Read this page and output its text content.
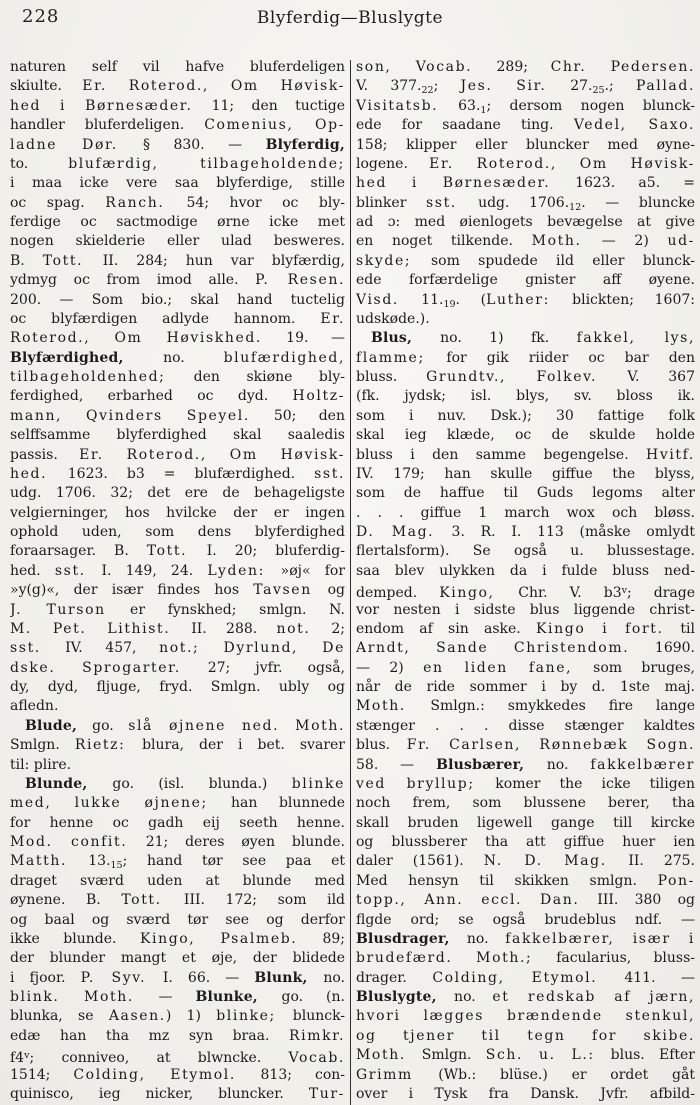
228	Blyferdig—Bluslygte
naturen self vil hafve bluferdeligen
skiulte. Er. Roterod., Om Høvisk-
hed i Børnesæder. 11; den tuctige
handler bluferdeligen. Comenius, Op-
ladne Dør. § 830. — Blyferdig,
to. blufærdig, tilbageholdende;
i maa icke vere saa blyferdige, stille
oc spag. Ranch. 54; hvor oc bly-
ferdige oc sactmodige ørne icke met
nogen skielderie eller ulad besweres.
B. Tott. II. 284; hun var blyfærdig,
ydmyg oc from imod alle. P. Resen.
200. — Som bio.; skal hand tuctelig
oc blyfærdigen adlyde hannom. Er.
Roterod., Om Høviskhed. 19. —
Blyfærdighed, no. blufærdighed,
tilbageholdenhed; den skiøne bly-
ferdighed, erbarhed oc dyd. Holtz-
mann, Qvinders Speyel. 50; den
selffsamme blyferdighed skal saaledis
passis. Er. Roterod., Om Høvisk-
hed. 1623. b3 = blufærdighed. sst.
udg. 1706. 32; det ere de behageligste
velgierninger, hos hvilcke der er ingen
ophold uden, som dens blyferdighed
foraarsager. B. Tott. I. 20; bluferdig-
hed. sst. I. 149, 24. Lyden: »øj« for
»y(g)«, der især findes hos Tavsen og
J. Turson er fynskhed; smlgn. N.
M. Pet. Lithist. II. 288. not. 2;
sst. IV. 457, not.; Dyrlund, De
dske. Sprogarter. 27; jvfr. også,
dy, dyd, fljuge, fryd. Smlgn. ubly og
afledn.
Blude, go. slå øjnene ned. Moth.
Smlgn. Rietz: blura, der i bet. svarer
til: plire.
Blunde, go. (isl. blunda.) blinke
med, lukke øjnene; han blunnede
for henne oc gadh eij seeth henne.
Mod. confit. 21; deres øyen blunde.
Matth. $13._{15}$; hand tør see paa et
draget sværd uden at blunde med
øynene. B. Tott. III. 172; som ild
og baal og sværd tør see og derfor
ikke blunde. Kingo, Psalmeb. 89;
der blunder mangt et øje, der blidede
i fjoor. P. Syv. I. 66. — Blunk, no.
blink. Moth. — Blunke, go. (n.
blunka, se Aasen.) 1) blinke; blunck-
edæ han tha mz syn braa. Rimkr.
f4$^v$; conniveo, at blwncke. Vocab.
1514; Colding, Etymol. 813; con-
quinisco, ieg nicker, bluncker. Tur-
son, Vocab. 289; Chr. Pedersen.
V. $377._{22}$; Jes. Sir. $27._{25}$.; Pallad.
Visitatsb. $63._1$; dersom nogen blunck-
ede for saadane ting. Vedel, Saxo.
158; klipper eller bluncker med øyne-
logene. Er. Roterod., Om Høvisk-
hed i Børnesæder. 1623. a5. =
blinker sst. udg. $1706._{12}$. — bluncke
ad ɔ: med øienlogets bevægelse at give
en noget tilkende. Moth. — 2) ud-
skyde; som spudede ild eller blunck-
ede forfærdelige gnister aff øyene.
Visd. $11._{19}$. (Luther: blickten; 1607:
udskøde.).
Blus, no. 1) fk. fakkel, lys,
flamme; for gik riider oc bar den
bluss. Grundtv., Folkev. V. 367
(fk. jydsk; isl. blys, sv. bloss ik.
som i nuv. Dsk.); 30 fattige folk
skal ieg klæde, oc de skulde holde
bluss i den samme begengelse. Hvitf.
IV. 179; han skulle giffue the blyss,
som de haffue til Guds legoms alter
. . . giffue 1 march wox och bløss.
D. Mag. 3. R. I. 113 (måske omlydt
flertalsform). Se også u. blussestage.
saa blev ulykken da i fulde bluss ned-
demped. Kingo, Chr. V. b3$^v$; drage
vor nesten i sidste blus liggende christ-
endom af sin aske. Kingo i fort. til
Arndt, Sande Christendom. 1690.
— 2) en liden fane, som bruges,
når de ride sommer i by d. 1ste maj.
Moth. Smlgn.: smykkedes fire lange
stænger . . . disse stænger kaldtes
blus. Fr. Carlsen, Rønnebæk Sogn.
58. — Blusbærer, no. fakkelbærer
ved bryllup; komer the icke tiligen
noch frem, som blussene berer, tha
skall bruden ligewell gange till kircke
og blussberer tha att giffue huer ien
daler (1561). N. D. Mag. II. 275.
Med hensyn til skikken smlgn. Pon-
topp., Ann. eccl. Dan. III. 380 og
flgde ord; se også brudeblus ndf. —
Blusdrager, no. fakkelbærer, især i
brudefærd. Moth.; facularius, bluss-
drager. Colding, Etymol. 411. —
Bluslygte, no. et redskab af jærn,
hvori lægges brændende stenkul,
og tjener til tegn for skibe.
Moth. Smlgn. Sch. u. L.: blus. Efter
Grimm (Wb.: blüse.) er ordet gåt
over i Tysk fra Dansk. Jvfr. afbild-
